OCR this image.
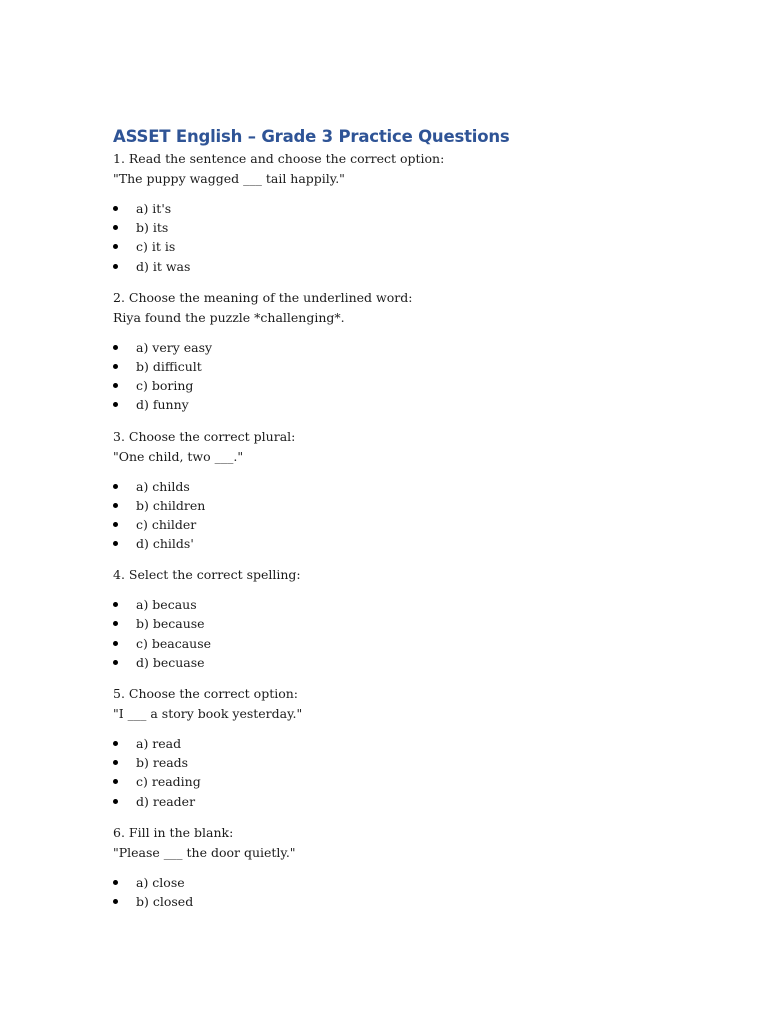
ASSET English – Grade 3 Practice Questions
1. Read the sentence and choose the correct option:
"The puppy wagged ___ tail happily."
a) it's
b) its
c) it is
d) it was
2. Choose the meaning of the underlined word:
Riya found the puzzle *challenging*.
a) very easy
b) difficult
c) boring
d) funny
3. Choose the correct plural:
"One child, two ___."
a) childs
b) children
c) childer
d) childs'
4. Select the correct spelling:
a) becaus
b) because
c) beacause
d) becuase
5. Choose the correct option:
"I ___ a story book yesterday."
a) read
b) reads
c) reading
d) reader
6. Fill in the blank:
"Please ___ the door quietly."
a) close
b) closed
